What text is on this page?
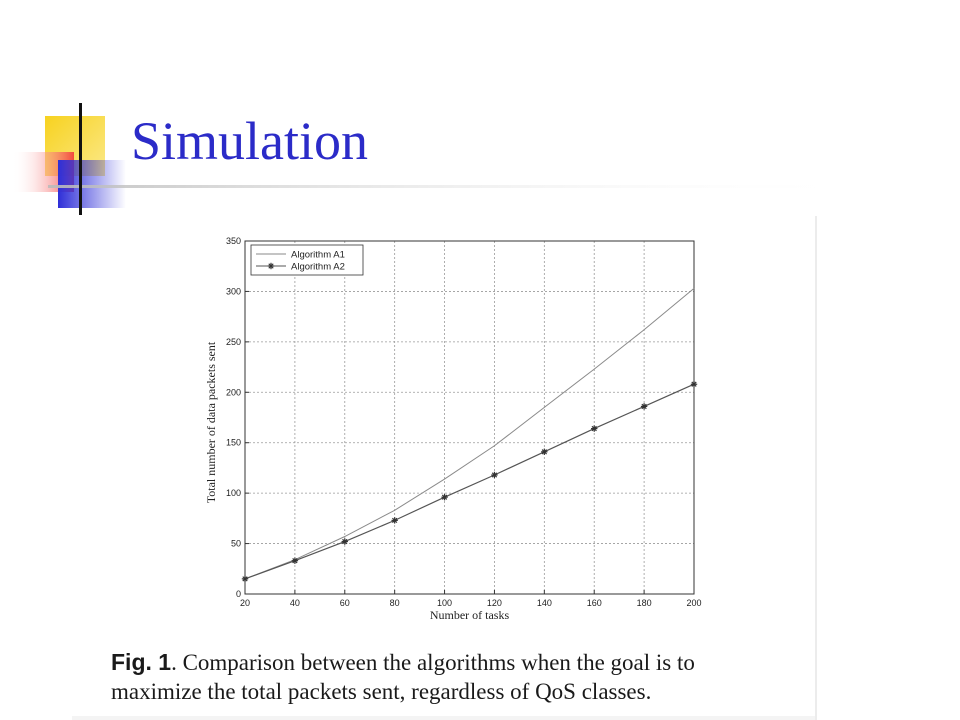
Simulation
20	40	60	80	100	120	140	160	180	200
0
50
100
150
200
250
300
350
Number of tasks
Total number of data packets sent
Algorithm A1
Algorithm A2
Fig. 1. Comparison between the algorithms when the goal is to
maximize the total packets sent, regardless of QoS classes.
